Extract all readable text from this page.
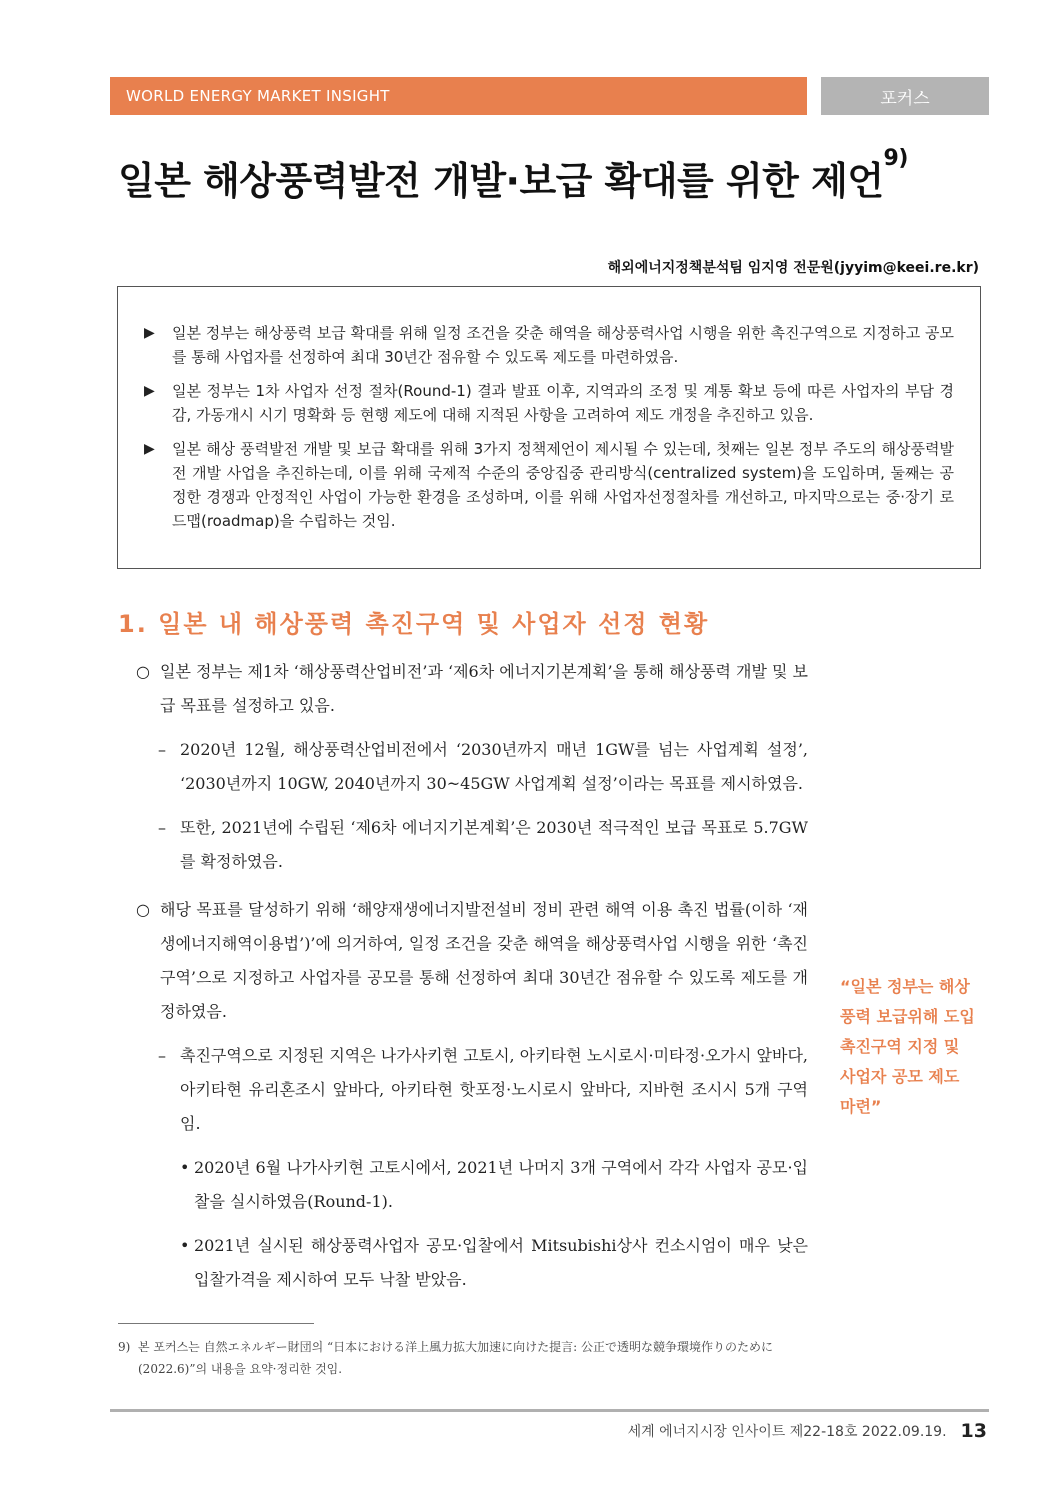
WORLD ENERGY MARKET INSIGHT	포커스
일본 해상풍력발전 개발·보급 확대를 위한 제언$^{9)}$
해외에너지정책분석팀 임지영 전문원(jyyim@keei.re.kr)
▶	일본 정부는 해상풍력 보급 확대를 위해 일정 조건을 갖춘 해역을 해상풍력사업 시행을 위한 촉진구역으로 지정하고 공모를 통해 사업자를 선정하여 최대 30년간 점유할 수 있도록 제도를 마련하였음.
▶	일본 정부는 1차 사업자 선정 절차(Round-1) 결과 발표 이후, 지역과의 조정 및 계통 확보 등에 따른 사업자의 부담 경감, 가동개시 시기 명확화 등 현행 제도에 대해 지적된 사항을 고려하여 제도 개정을 추진하고 있음.
▶	일본 해상 풍력발전 개발 및 보급 확대를 위해 3가지 정책제언이 제시될 수 있는데, 첫째는 일본 정부 주도의 해상풍력발전 개발 사업을 추진하는데, 이를 위해 국제적 수준의 중앙집중 관리방식(centralized system)을 도입하며, 둘째는 공정한 경쟁과 안정적인 사업이 가능한 환경을 조성하며, 이를 위해 사업자선정절차를 개선하고, 마지막으로는 중·장기 로드맵(roadmap)을 수립하는 것임.
1. 일본 내 해상풍력 촉진구역 및 사업자 선정 현황
○ 일본 정부는 제1차 ‘해상풍력산업비전’과 ‘제6차 에너지기본계획’을 통해 해상풍력 개발 및 보급 목표를 설정하고 있음.
– 2020년 12월, 해상풍력산업비전에서 ‘2030년까지 매년 1GW를 넘는 사업계획 설정’, ‘2030년까지 10GW, 2040년까지 30~45GW 사업계획 설정’이라는 목표를 제시하였음.
– 또한, 2021년에 수립된 ‘제6차 에너지기본계획’은 2030년 적극적인 보급 목표로 5.7GW를 확정하였음.
○ 해당 목표를 달성하기 위해 ‘해양재생에너지발전설비 정비 관련 해역 이용 촉진 법률(이하 ‘재생에너지해역이용법’)’에 의거하여, 일정 조건을 갖춘 해역을 해상풍력사업 시행을 위한 ‘촉진구역’으로 지정하고 사업자를 공모를 통해 선정하여 최대 30년간 점유할 수 있도록 제도를 개정하였음.
– 촉진구역으로 지정된 지역은 나가사키현 고토시, 아키타현 노시로시·미타정·오가시 앞바다, 아키타현 유리혼조시 앞바다, 아키타현 핫포정·노시로시 앞바다, 지바현 조시시 5개 구역임.
• 2020년 6월 나가사키현 고토시에서, 2021년 나머지 3개 구역에서 각각 사업자 공모·입찰을 실시하였음(Round-1).
• 2021년 실시된 해상풍력사업자 공모·입찰에서 Mitsubishi상사 컨소시엄이 매우 낮은 입찰가격을 제시하여 모두 낙찰 받았음.
“일본 정부는 해상풍력 보급위해 도입 촉진구역 지정 및 사업자 공모 제도 마련”
9) 본 포커스는 自然エネルギー財団의 “日本における洋上風力拡大加速に向けた提言: 公正で透明な競争環境作りのために(2022.6)”의 내용을 요약·정리한 것임.
세계 에너지시장 인사이트 제22-18호 2022.09.19. 13
